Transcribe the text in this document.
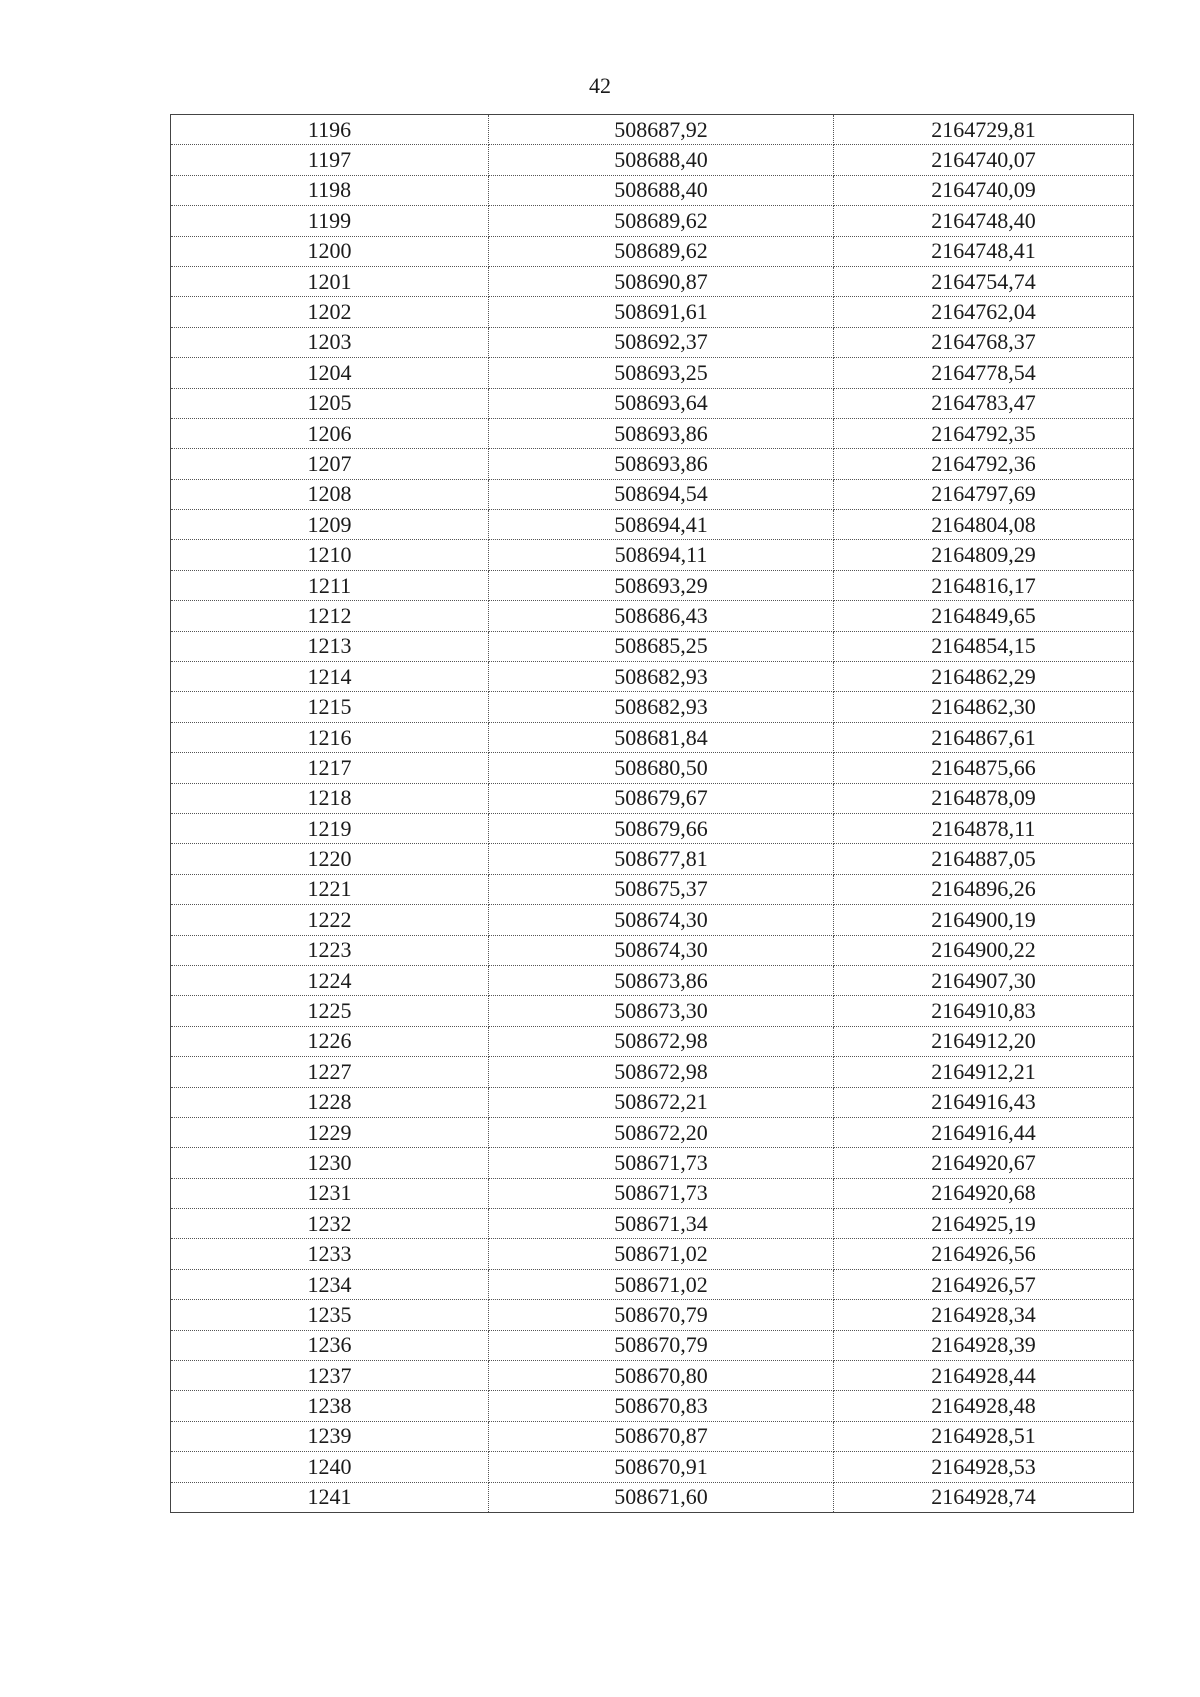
42
1196	508687,92	2164729,81
1197	508688,40	2164740,07
1198	508688,40	2164740,09
1199	508689,62	2164748,40
1200	508689,62	2164748,41
1201	508690,87	2164754,74
1202	508691,61	2164762,04
1203	508692,37	2164768,37
1204	508693,25	2164778,54
1205	508693,64	2164783,47
1206	508693,86	2164792,35
1207	508693,86	2164792,36
1208	508694,54	2164797,69
1209	508694,41	2164804,08
1210	508694,11	2164809,29
1211	508693,29	2164816,17
1212	508686,43	2164849,65
1213	508685,25	2164854,15
1214	508682,93	2164862,29
1215	508682,93	2164862,30
1216	508681,84	2164867,61
1217	508680,50	2164875,66
1218	508679,67	2164878,09
1219	508679,66	2164878,11
1220	508677,81	2164887,05
1221	508675,37	2164896,26
1222	508674,30	2164900,19
1223	508674,30	2164900,22
1224	508673,86	2164907,30
1225	508673,30	2164910,83
1226	508672,98	2164912,20
1227	508672,98	2164912,21
1228	508672,21	2164916,43
1229	508672,20	2164916,44
1230	508671,73	2164920,67
1231	508671,73	2164920,68
1232	508671,34	2164925,19
1233	508671,02	2164926,56
1234	508671,02	2164926,57
1235	508670,79	2164928,34
1236	508670,79	2164928,39
1237	508670,80	2164928,44
1238	508670,83	2164928,48
1239	508670,87	2164928,51
1240	508670,91	2164928,53
1241	508671,60	2164928,74
